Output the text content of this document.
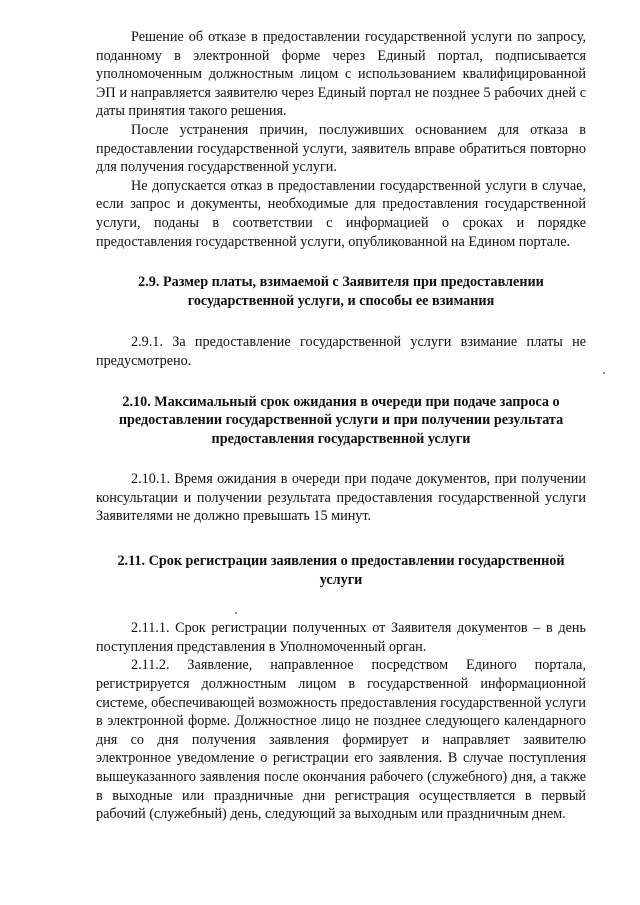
Решение об отказе в предоставлении государственной услуги по запросу, поданному в электронной форме через Единый портал, подписывается уполномоченным должностным лицом с использованием квалифицированной ЭП и направляется заявителю через Единый портал не позднее 5 рабочих дней с даты принятия такого решения.

После устранения причин, послуживших основанием для отказа в предоставлении государственной услуги, заявитель вправе обратиться повторно для получения государственной услуги.

Не допускается отказ в предоставлении государственной услуги в случае, если запрос и документы, необходимые для предоставления государственной услуги, поданы в соответствии с информацией о сроках и порядке предоставления государственной услуги, опубликованной на Едином портале.

2.9. Размер платы, взимаемой с Заявителя при предоставлении
государственной услуги, и способы ее взимания

2.9.1. За предоставление государственной услуги взимание платы не предусмотрено.

2.10. Максимальный срок ожидания в очереди при подаче запроса о
предоставлении государственной услуги и при получении результата
предоставления государственной услуги

2.10.1. Время ожидания в очереди при подаче документов, при получении консультации и получении результата предоставления государственной услуги Заявителями не должно превышать 15 минут.

2.11. Срок регистрации заявления о предоставлении государственной
услуги

2.11.1. Срок регистрации полученных от Заявителя документов – в день поступления представления в Уполномоченный орган.

2.11.2. Заявление, направленное посредством Единого портала, регистрируется должностным лицом в государственной информационной системе, обеспечивающей возможность предоставления государственной услуги в электронной форме. Должностное лицо не позднее следующего календарного дня со дня получения заявления формирует и направляет заявителю электронное уведомление о регистрации его заявления. В случае поступления вышеуказанного заявления после окончания рабочего (служебного) дня, а также в выходные или праздничные дни регистрация осуществляется в первый рабочий (служебный) день, следующий за выходным или праздничным днем.
